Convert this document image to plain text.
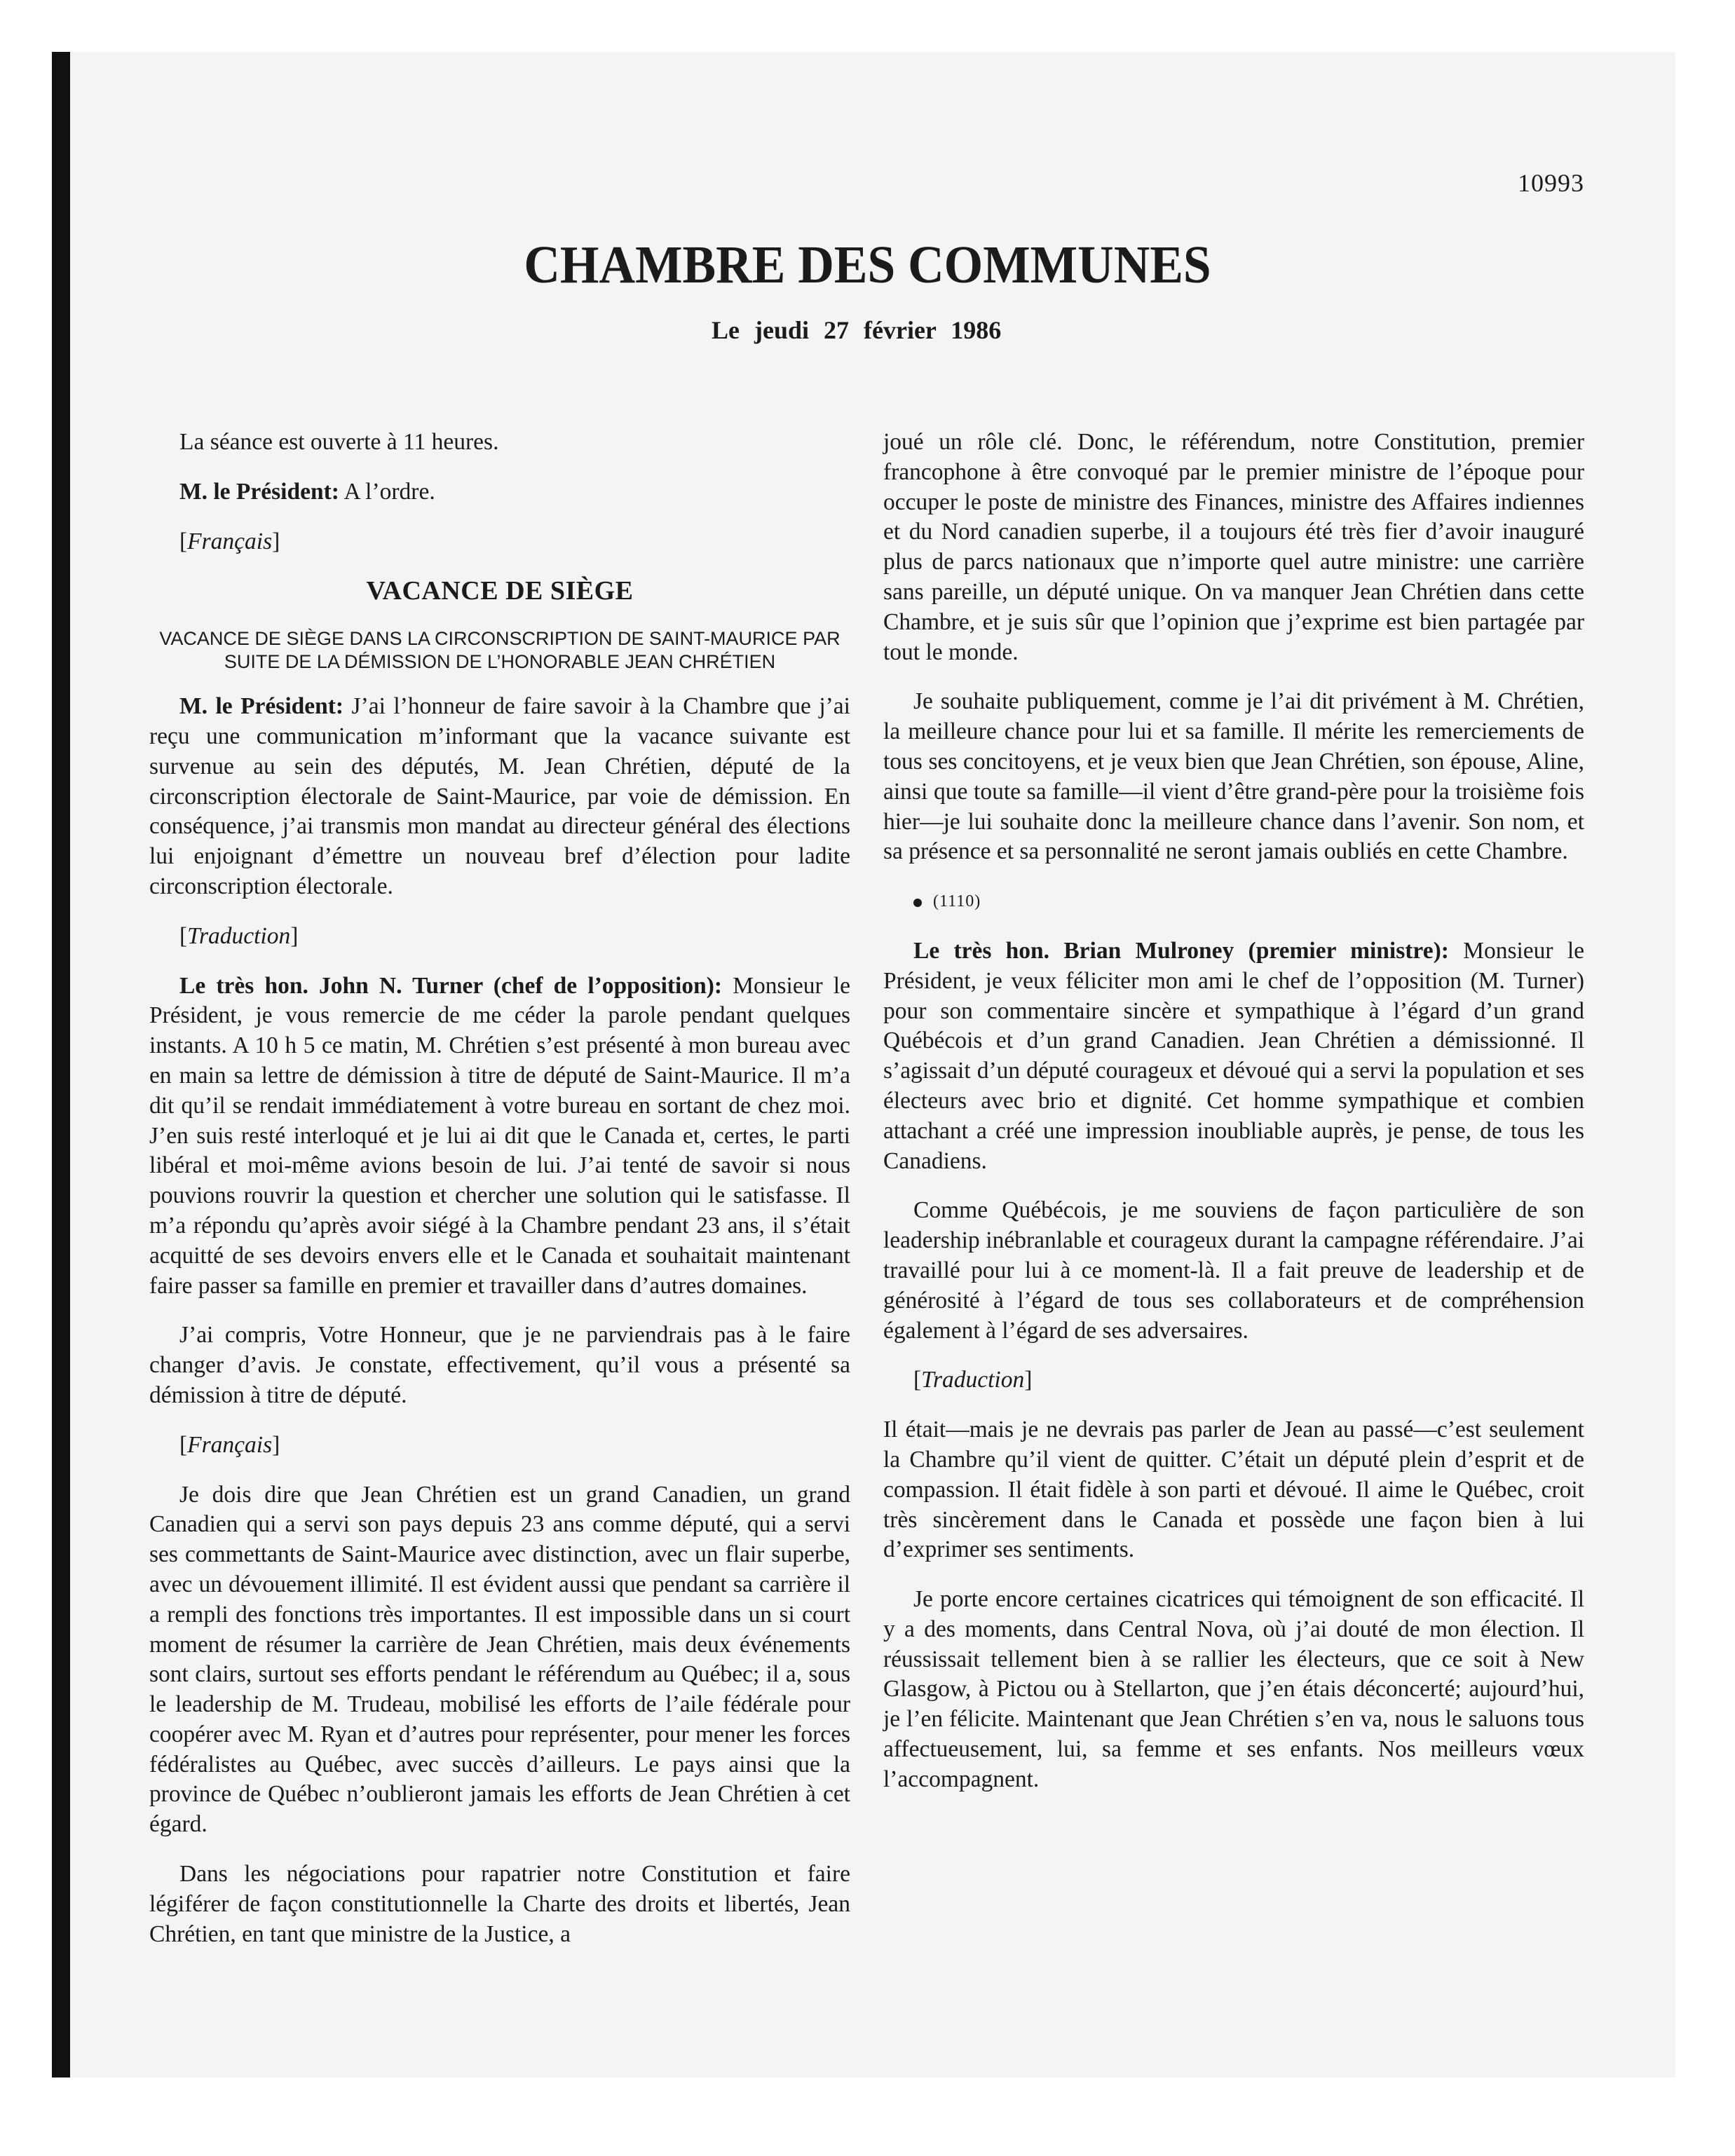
10993
CHAMBRE DES COMMUNES
Le jeudi 27 février 1986

La séance est ouverte à 11 heures.

M. le Président: A l’ordre.

[Français]

VACANCE DE SIÈGE
VACANCE DE SIÈGE DANS LA CIRCONSCRIPTION DE SAINT-MAURICE PAR SUITE DE LA DÉMISSION DE L’HONORABLE JEAN CHRÉTIEN

M. le Président: J’ai l’honneur de faire savoir à la Chambre que j’ai reçu une communication m’informant que la vacance suivante est survenue au sein des députés, M. Jean Chrétien, député de la circonscription électorale de Saint-Maurice, par voie de démission. En conséquence, j’ai transmis mon mandat au directeur général des élections lui enjoignant d’émettre un nouveau bref d’élection pour ladite circonscription électorale.

[Traduction]

Le très hon. John N. Turner (chef de l’opposition): Monsieur le Président, je vous remercie de me céder la parole pendant quelques instants. A 10 h 5 ce matin, M. Chrétien s’est présenté à mon bureau avec en main sa lettre de démission à titre de député de Saint-Maurice. Il m’a dit qu’il se rendait immédiatement à votre bureau en sortant de chez moi. J’en suis resté interloqué et je lui ai dit que le Canada et, certes, le parti libéral et moi-même avions besoin de lui. J’ai tenté de savoir si nous pouvions rouvrir la question et chercher une solution qui le satisfasse. Il m’a répondu qu’après avoir siégé à la Chambre pendant 23 ans, il s’était acquitté de ses devoirs envers elle et le Canada et souhaitait maintenant faire passer sa famille en premier et travailler dans d’autres domaines.

J’ai compris, Votre Honneur, que je ne parviendrais pas à le faire changer d’avis. Je constate, effectivement, qu’il vous a présenté sa démission à titre de député.

[Français]

Je dois dire que Jean Chrétien est un grand Canadien, un grand Canadien qui a servi son pays depuis 23 ans comme député, qui a servi ses commettants de Saint-Maurice avec distinction, avec un flair superbe, avec un dévouement illimité. Il est évident aussi que pendant sa carrière il a rempli des fonctions très importantes. Il est impossible dans un si court moment de résumer la carrière de Jean Chrétien, mais deux événements sont clairs, surtout ses efforts pendant le référendum au Québec; il a, sous le leadership de M. Trudeau, mobilisé les efforts de l’aile fédérale pour coopérer avec M. Ryan et d’autres pour représenter, pour mener les forces fédéralistes au Québec, avec succès d’ailleurs. Le pays ainsi que la province de Québec n’oublieront jamais les efforts de Jean Chrétien à cet égard.

Dans les négociations pour rapatrier notre Constitution et faire légiférer de façon constitutionnelle la Charte des droits et libertés, Jean Chrétien, en tant que ministre de la Justice, a

joué un rôle clé. Donc, le référendum, notre Constitution, premier francophone à être convoqué par le premier ministre de l’époque pour occuper le poste de ministre des Finances, ministre des Affaires indiennes et du Nord canadien superbe, il a toujours été très fier d’avoir inauguré plus de parcs nationaux que n’importe quel autre ministre: une carrière sans pareille, un député unique. On va manquer Jean Chrétien dans cette Chambre, et je suis sûr que l’opinion que j’exprime est bien partagée par tout le monde.

Je souhaite publiquement, comme je l’ai dit privément à M. Chrétien, la meilleure chance pour lui et sa famille. Il mérite les remerciements de tous ses concitoyens, et je veux bien que Jean Chrétien, son épouse, Aline, ainsi que toute sa famille—il vient d’être grand-père pour la troisième fois hier—je lui souhaite donc la meilleure chance dans l’avenir. Son nom, et sa présence et sa personnalité ne seront jamais oubliés en cette Chambre.

(1110)

Le très hon. Brian Mulroney (premier ministre): Monsieur le Président, je veux féliciter mon ami le chef de l’opposition (M. Turner) pour son commentaire sincère et sympathique à l’égard d’un grand Québécois et d’un grand Canadien. Jean Chrétien a démissionné. Il s’agissait d’un député courageux et dévoué qui a servi la population et ses électeurs avec brio et dignité. Cet homme sympathique et combien attachant a créé une impression inoubliable auprès, je pense, de tous les Canadiens.

Comme Québécois, je me souviens de façon particulière de son leadership inébranlable et courageux durant la campagne référendaire. J’ai travaillé pour lui à ce moment-là. Il a fait preuve de leadership et de générosité à l’égard de tous ses collaborateurs et de compréhension également à l’égard de ses adversaires.

[Traduction]

Il était—mais je ne devrais pas parler de Jean au passé—c’est seulement la Chambre qu’il vient de quitter. C’était un député plein d’esprit et de compassion. Il était fidèle à son parti et dévoué. Il aime le Québec, croit très sincèrement dans le Canada et possède une façon bien à lui d’exprimer ses sentiments.

Je porte encore certaines cicatrices qui témoignent de son efficacité. Il y a des moments, dans Central Nova, où j’ai douté de mon élection. Il réussissait tellement bien à se rallier les électeurs, que ce soit à New Glasgow, à Pictou ou à Stellarton, que j’en étais déconcerté; aujourd’hui, je l’en félicite. Maintenant que Jean Chrétien s’en va, nous le saluons tous affectueusement, lui, sa femme et ses enfants. Nos meilleurs vœux l’accompagnent.
